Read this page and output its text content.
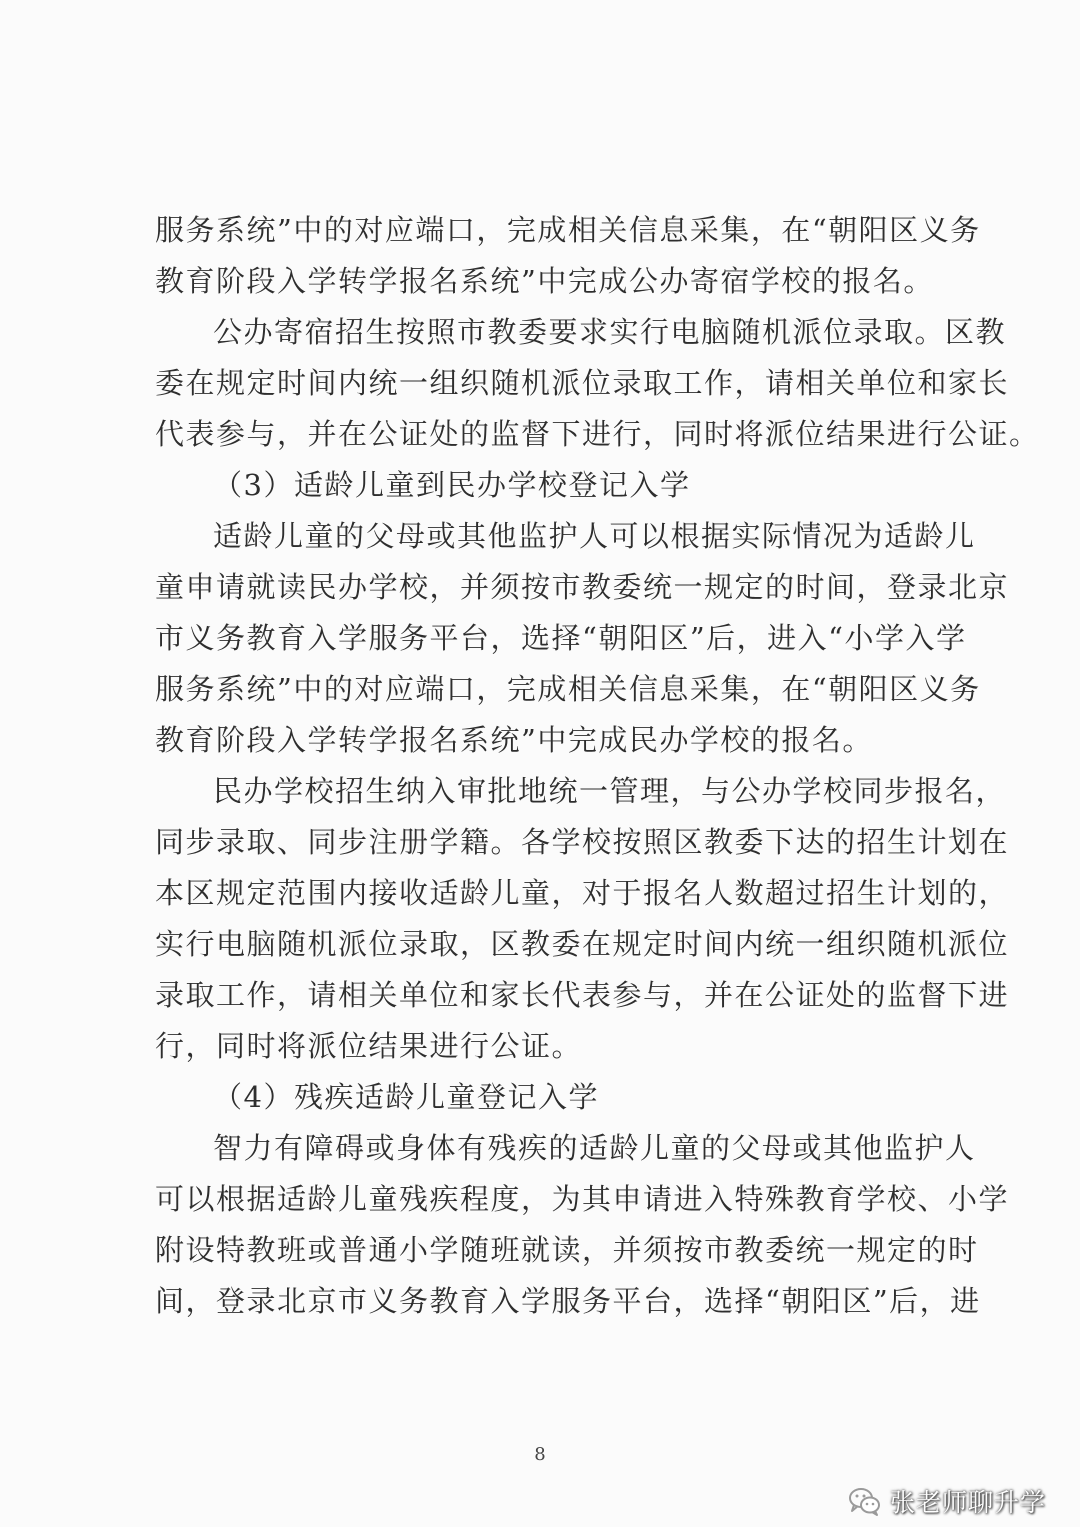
服务系统”中的对应端口，完成相关信息采集，在“朝阳区义务
教育阶段入学转学报名系统”中完成公办寄宿学校的报名。
公办寄宿招生按照市教委要求实行电脑随机派位录取。区教
委在规定时间内统一组织随机派位录取工作，请相关单位和家长
代表参与，并在公证处的监督下进行，同时将派位结果进行公证。
（3）适龄儿童到民办学校登记入学
适龄儿童的父母或其他监护人可以根据实际情况为适龄儿
童申请就读民办学校，并须按市教委统一规定的时间，登录北京
市义务教育入学服务平台，选择“朝阳区”后，进入“小学入学
服务系统”中的对应端口，完成相关信息采集，在“朝阳区义务
教育阶段入学转学报名系统”中完成民办学校的报名。
民办学校招生纳入审批地统一管理，与公办学校同步报名，
同步录取、同步注册学籍。各学校按照区教委下达的招生计划在
本区规定范围内接收适龄儿童，对于报名人数超过招生计划的，
实行电脑随机派位录取，区教委在规定时间内统一组织随机派位
录取工作，请相关单位和家长代表参与，并在公证处的监督下进
行，同时将派位结果进行公证。
（4）残疾适龄儿童登记入学
智力有障碍或身体有残疾的适龄儿童的父母或其他监护人
可以根据适龄儿童残疾程度，为其申请进入特殊教育学校、小学
附设特教班或普通小学随班就读，并须按市教委统一规定的时
间，登录北京市义务教育入学服务平台，选择“朝阳区”后，进
8
张老师聊升学
